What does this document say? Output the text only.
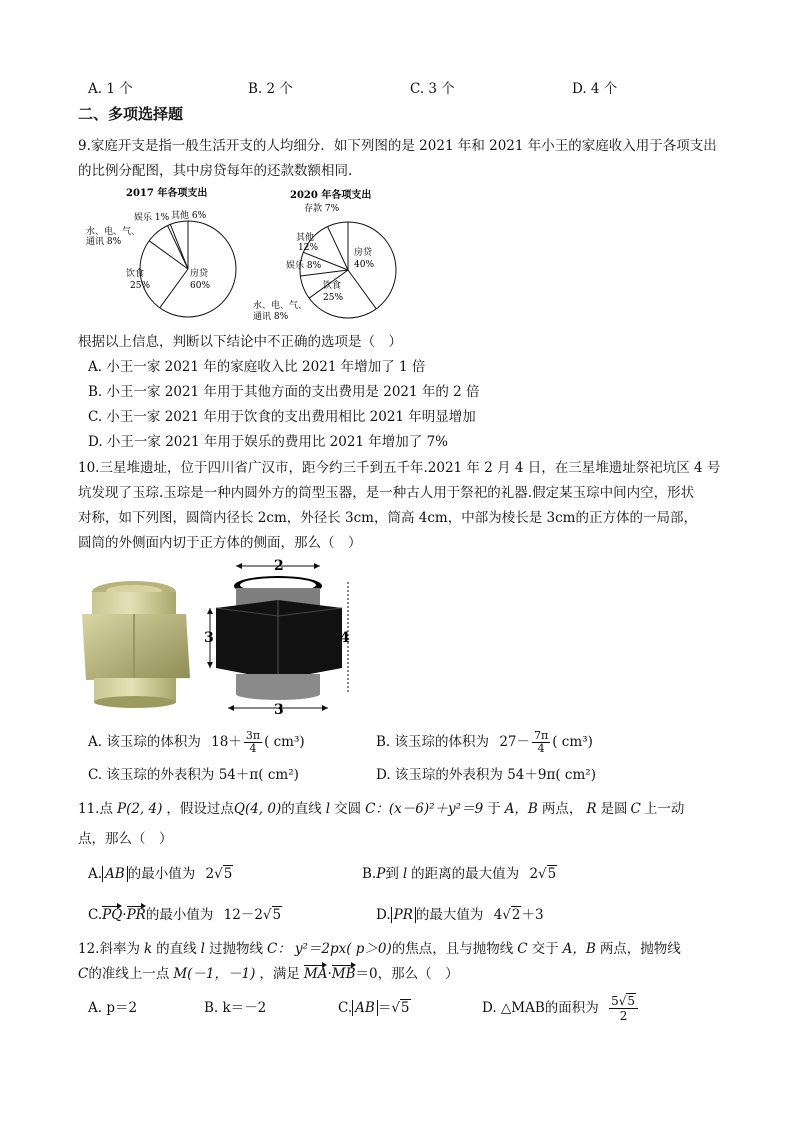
A. 1 个	B. 2 个	C. 3 个	D. 4 个
二、多项选择题
9.家庭开支是指一般生活开支的人均细分．如下列图的是 2021 年和 2021 年小王的家庭收入用于各项支出
的比例分配图，其中房贷每年的还款数额相同.
2017 年各项支出
娱乐 1% 其他 6%
水、电、气、
通讯 8%
饮食
25%
房贷
60%
2020 年各项支出
存款 7%
其他
12%
娱乐 8%
房贷
40%
饮食
25%
水、电、气、
通讯 8%
根据以上信息，判断以下结论中不正确的选项是（　）
A. 小王一家 2021 年的家庭收入比 2021 年增加了 1 倍
B. 小王一家 2021 年用于其他方面的支出费用是 2021 年的 2 倍
C. 小王一家 2021 年用于饮食的支出费用相比 2021 年明显增加
D. 小王一家 2021 年用于娱乐的费用比 2021 年增加了 7%
10.三星堆遗址，位于四川省广汉市，距今约三千到五千年.2021 年 2 月 4 日，在三星堆遗址祭祀坑区 4 号
坑发现了玉琮.玉琮是一种内圆外方的筒型玉器，是一种古人用于祭祀的礼器.假定某玉琮中间内空，形状
对称，如下列图，圆筒内径长 2cm，外径长 3cm，筒高 4cm，中部为棱长是 3cm的正方体的一局部，
圆筒的外侧面内切于正方体的侧面，那么（　）
2
3	4
3
A. 该玉琮的体积为 $18+ \frac{3\pi}{4}$ ( cm³)	B. 该玉琮的体积为 $27- \frac{7\pi}{4}$ ( cm³)
C. 该玉琮的外表积为 54＋π( cm²)	D. 该玉琮的外表积为 54＋9π( cm²)
11.点 P(2, 4) ，假设过点Q(4, 0)的直线 l 交圆 C：(x－6)²＋y²＝9 于 A，B 两点， R 是圆 C 上一动
点，那么（　）
A. AB 的最小值为 2√5	B.P到 l 的距离的最大值为 2√5
C.PQ·PR的最小值为 12－2√5	D. PR 的最大值为 4√2＋3
12.斜率为 k 的直线 l 过抛物线 C： y²＝2px( p＞0)的焦点，且与抛物线 C 交于 A，B 两点，抛物线
C的准线上一点 M(－1，－1) ，满足 MA·MB＝0，那么（　）
A. p＝2	B. k＝－2	C. AB ＝√5	D. △MAB的面积为 $\frac{5√5}{2}$
